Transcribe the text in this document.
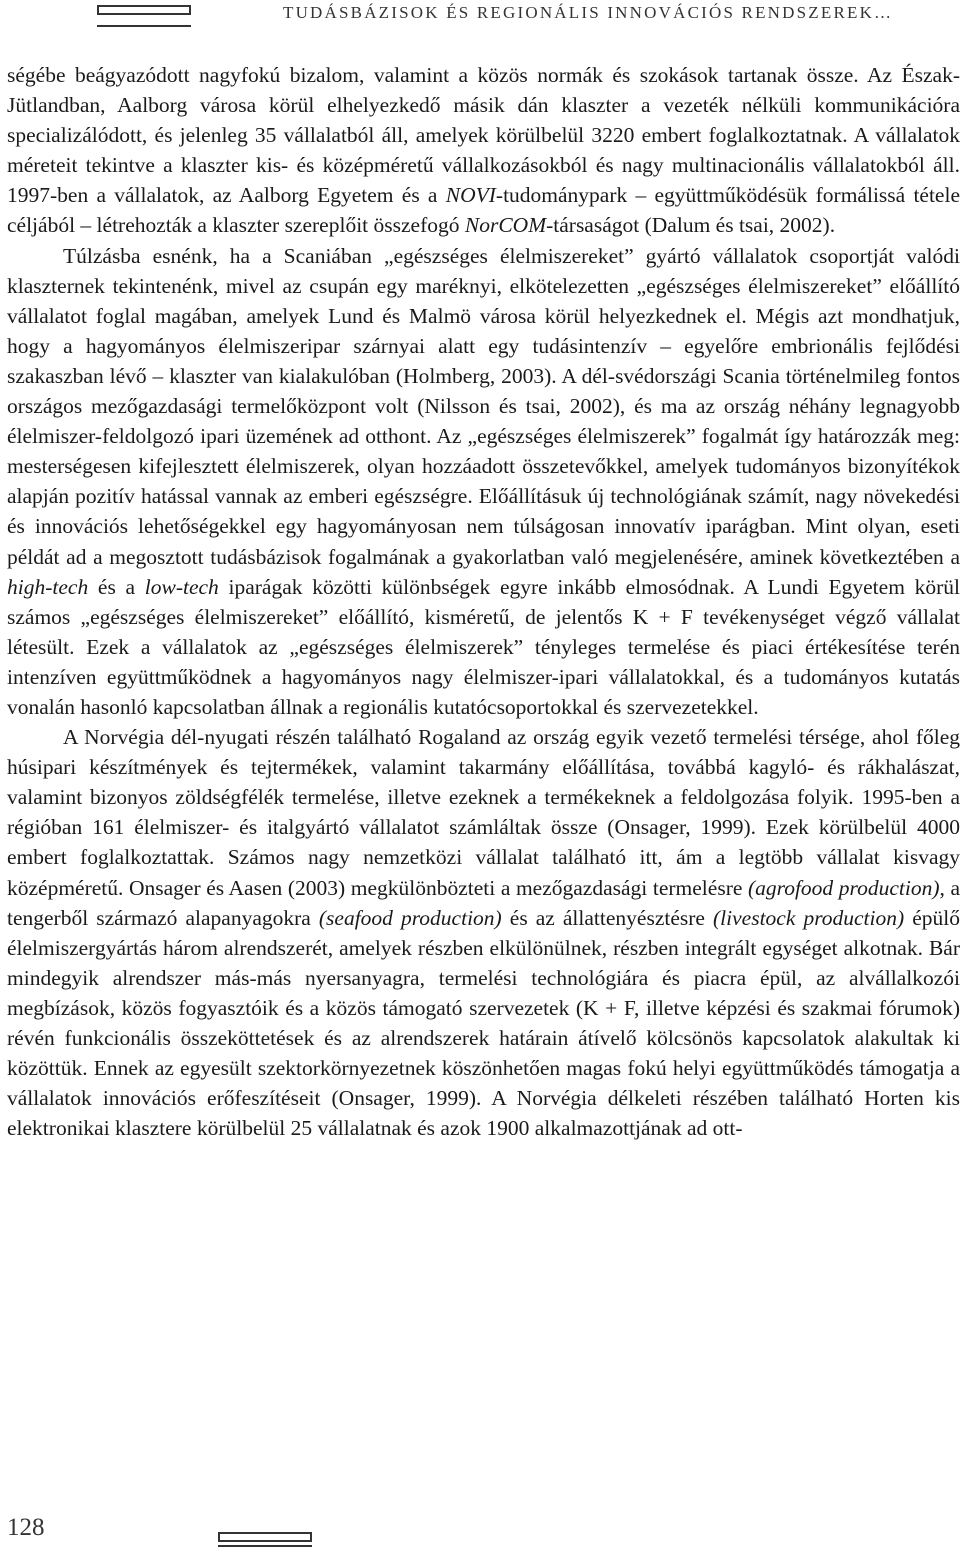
TUDÁSBÁZISOK ÉS REGIONÁLIS INNOVÁCIÓS RENDSZEREK…

ségébe beágyazódott nagyfokú bizalom, valamint a közös normák és szokások tartanak össze. Az Észak-Jütlandban, Aalborg városa körül elhelyezkedő másik dán klaszter a vezeték nélküli kommunikációra specializálódott, és jelenleg 35 vállalatból áll, amelyek körülbelül 3220 embert foglalkoztatnak. A vállalatok méreteit tekintve a klaszter kis- és középméretű vállalkozásokból és nagy multinacionális vállalatokból áll. 1997-ben a vállalatok, az Aalborg Egyetem és a NOVI-tudománypark – együttműködésük formálissá tétele céljából – létrehozták a klaszter szereplőit összefogó NorCOM-társaságot (Dalum és tsai, 2002).

Túlzásba esnénk, ha a Scaniában „egészséges élelmiszereket” gyártó vállalatok csoportját valódi klaszternek tekintenénk, mivel az csupán egy maréknyi, elkötelezetten „egészséges élelmiszereket” előállító vállalatot foglal magában, amelyek Lund és Malmö városa körül helyezkednek el. Mégis azt mondhatjuk, hogy a hagyományos élelmiszeripar szárnyai alatt egy tudásintenzív – egyelőre embrionális fejlődési szakaszban lévő – klaszter van kialakulóban (Holmberg, 2003). A dél-svédországi Scania történelmileg fontos országos mezőgazdasági termelőközpont volt (Nilsson és tsai, 2002), és ma az ország néhány legnagyobb élelmiszer-feldolgozó ipari üzemének ad otthont. Az „egészséges élelmiszerek” fogalmát így határozzák meg: mesterségesen kifejlesztett élelmiszerek, olyan hozzáadott összetevőkkel, amelyek tudományos bizonyítékok alapján pozitív hatással vannak az emberi egészségre. Előállításuk új technológiának számít, nagy növekedési és innovációs lehetőségekkel egy hagyományosan nem túlságosan innovatív iparágban. Mint olyan, eseti példát ad a megosztott tudásbázisok fogalmának a gyakorlatban való megjelenésére, aminek következtében a high-tech és a low-tech iparágak közötti különbségek egyre inkább elmosódnak. A Lundi Egyetem körül számos „egészséges élelmiszereket” előállító, kisméretű, de jelentős K + F tevékenységet végző vállalat létesült. Ezek a vállalatok az „egészséges élelmiszerek” tényleges termelése és piaci értékesítése terén intenzíven együttműködnek a hagyományos nagy élelmiszer-ipari vállalatokkal, és a tudományos kutatás vonalán hasonló kapcsolatban állnak a regionális kutatócsoportokkal és szervezetekkel.

A Norvégia dél-nyugati részén található Rogaland az ország egyik vezető termelési térsége, ahol főleg húsipari készítmények és tejtermékek, valamint takarmány előállítása, továbbá kagyló- és rákhalászat, valamint bizonyos zöldségfélék termelése, illetve ezeknek a termékeknek a feldolgozása folyik. 1995-ben a régióban 161 élelmiszer- és italgyártó vállalatot számláltak össze (Onsager, 1999). Ezek körülbelül 4000 embert foglalkoztattak. Számos nagy nemzetközi vállalat található itt, ám a legtöbb vállalat kisvagy középméretű. Onsager és Aasen (2003) megkülönbözteti a mezőgazdasági termelésre (agrofood production), a tengerből származó alapanyagokra (seafood production) és az állattenyésztésre (livestock production) épülő élelmiszergyártás három alrendszerét, amelyek részben elkülönülnek, részben integrált egységet alkotnak. Bár mindegyik alrendszer más-más nyersanyagra, termelési technológiára és piacra épül, az alvállalkozói megbízások, közös fogyasztóik és a közös támogató szervezetek (K + F, illetve képzési és szakmai fórumok) révén funkcionális összeköttetések és az alrendszerek határain átívelő kölcsönös kapcsolatok alakultak ki közöttük. Ennek az egyesült szektorkörnyezetnek köszönhetően magas fokú helyi együttműködés támogatja a vállalatok innovációs erőfeszítéseit (Onsager, 1999). A Norvégia délkeleti részében található Horten kis elektronikai klasztere körülbelül 25 vállalatnak és azok 1900 alkalmazottjának ad ott-

128
